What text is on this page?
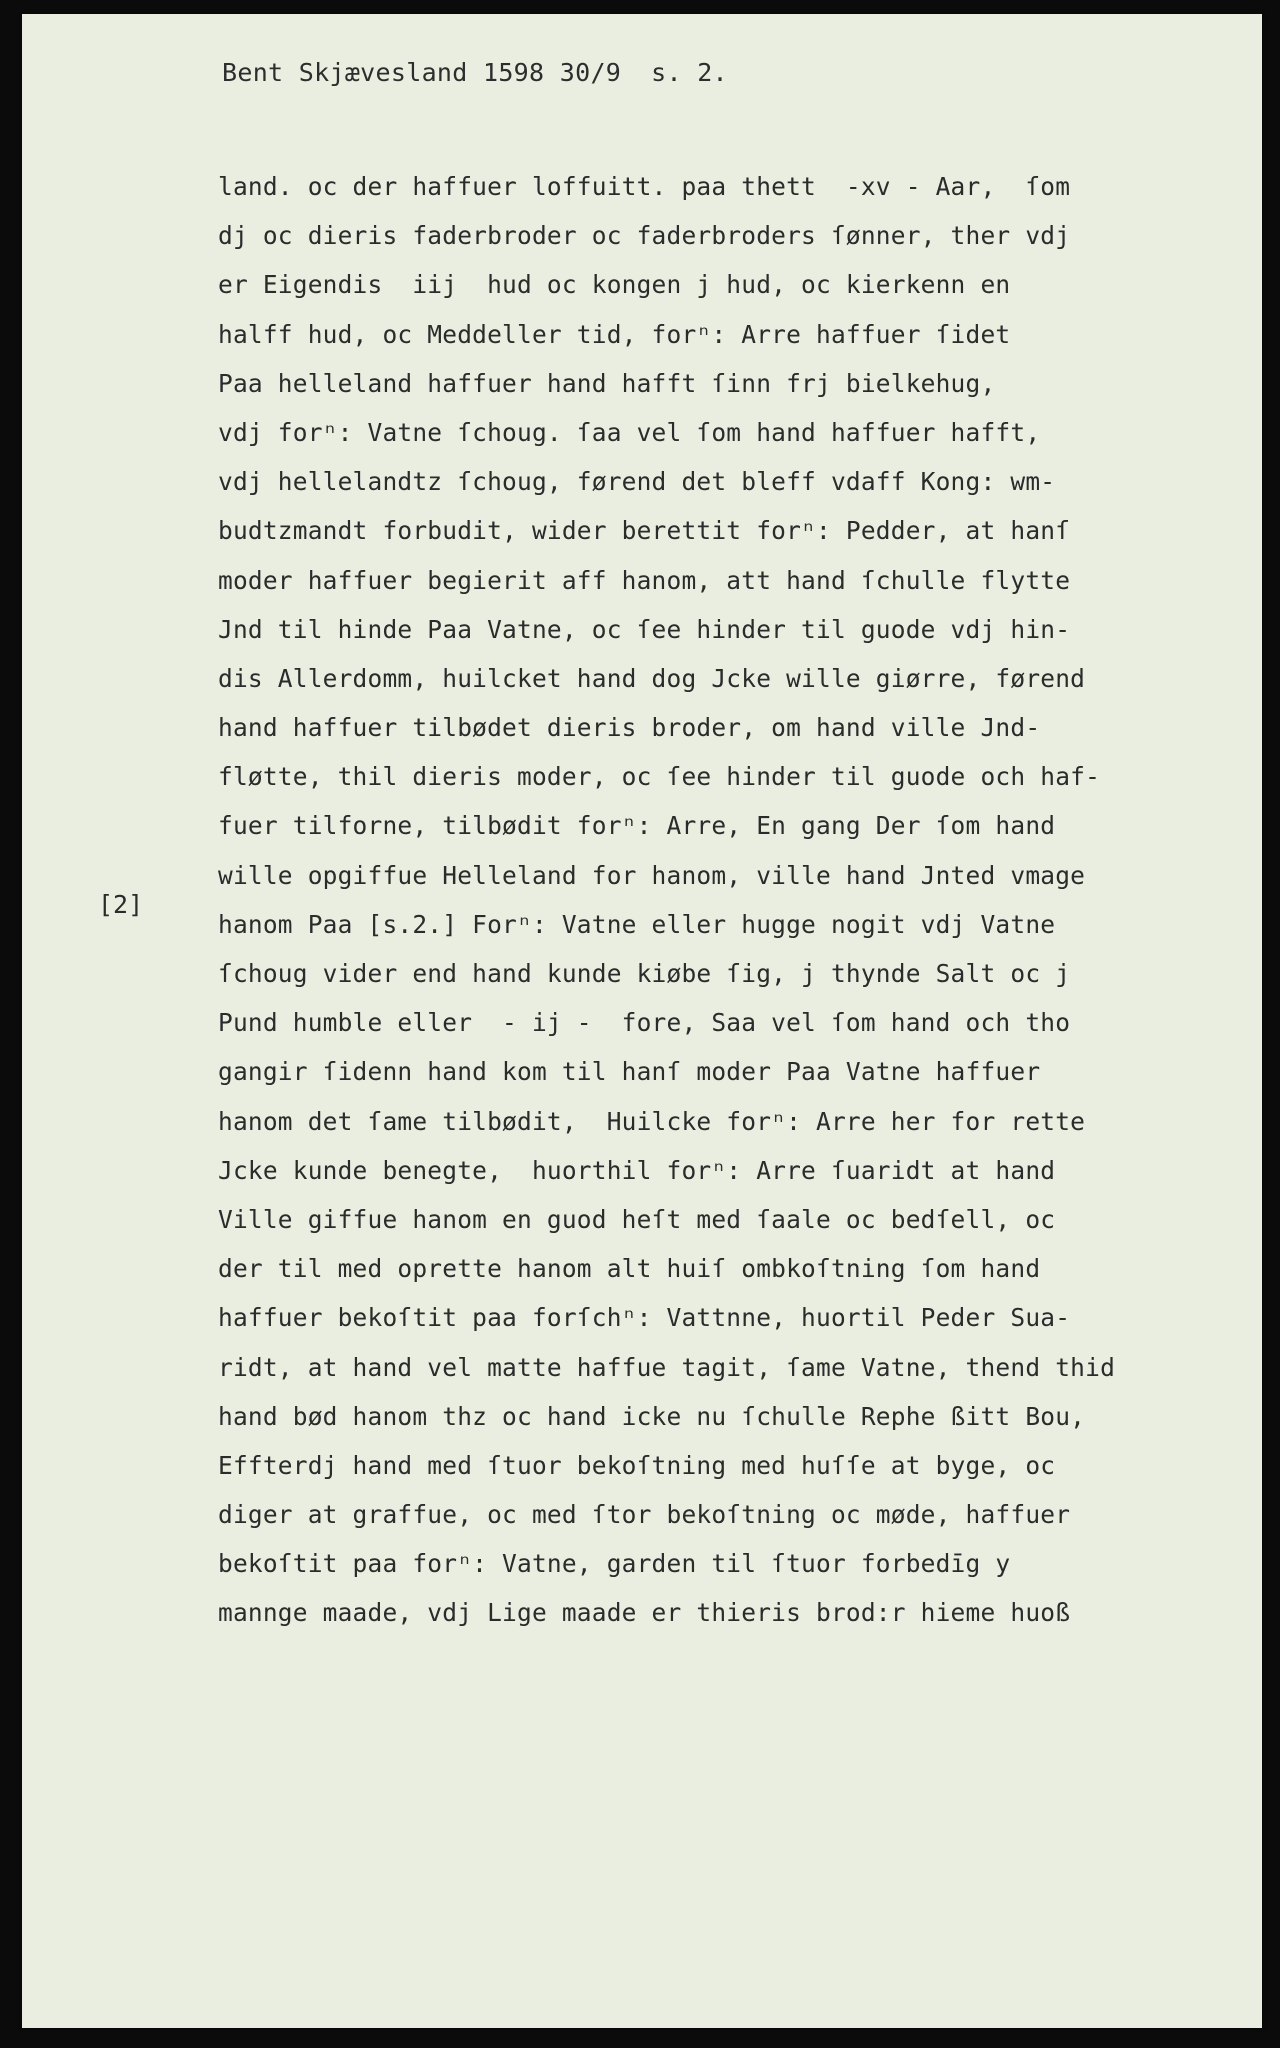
Bent Skjævesland 1598 30/9 s. 2.
[2]
land. oc der haffuer loffuitt. paa thett  -xv - Aar,  ſom
dj oc dieris faderbroder oc faderbroders ſønner, ther vdj
er Eigendis  iij  hud oc kongen j hud, oc kierkenn en
halff hud, oc Meddeller tid, forⁿ: Arre haffuer ſidet
Paa helleland haffuer hand hafft ſinn frj bielkehug,
vdj forⁿ: Vatne ſchoug. ſaa vel ſom hand haffuer hafft,
vdj hellelandtz ſchoug, førend det bleff vdaff Kong: wm-
budtzmandt forbudit, wider berettit forⁿ: Pedder, at hanſ
moder haffuer begierit aff hanom, att hand ſchulle flytte
Jnd til hinde Paa Vatne, oc ſee hinder til guode vdj hin-
dis Allerdomm, huilcket hand dog Jcke wille giørre, førend
hand haffuer tilbødet dieris broder, om hand ville Jnd-
fløtte, thil dieris moder, oc ſee hinder til guode och haf-
fuer tilforne, tilbødit forⁿ: Arre, En gang Der ſom hand
wille opgiffue Helleland for hanom, ville hand Jnted vmage
hanom Paa [s.2.] Forⁿ: Vatne eller hugge nogit vdj Vatne
ſchoug vider end hand kunde kiøbe ſig, j thynde Salt oc j
Pund humble eller  - ij -  fore, Saa vel ſom hand och tho
gangir ſidenn hand kom til hanſ moder Paa Vatne haffuer
hanom det ſame tilbødit,  Huilcke forⁿ: Arre her for rette
Jcke kunde benegte,  huorthil forⁿ: Arre ſuaridt at hand
Ville giffue hanom en guod heſt med ſaale oc bedſell, oc
der til med oprette hanom alt huiſ ombkoſtning ſom hand
haffuer bekoſtit paa forſchⁿ: Vattnne, huortil Peder Sua-
ridt, at hand vel matte haffue tagit, ſame Vatne, thend thid
hand bød hanom thz oc hand icke nu ſchulle Rephe ßitt Bou,
Effterdj hand med ſtuor bekoſtning med huſſe at byge, oc
diger at graffue, oc med ſtor bekoſtning oc møde, haffuer
bekoſtit paa forⁿ: Vatne, garden til ſtuor forbedīg y
mannge maade, vdj Lige maade er thieris brod:r hieme huoß
